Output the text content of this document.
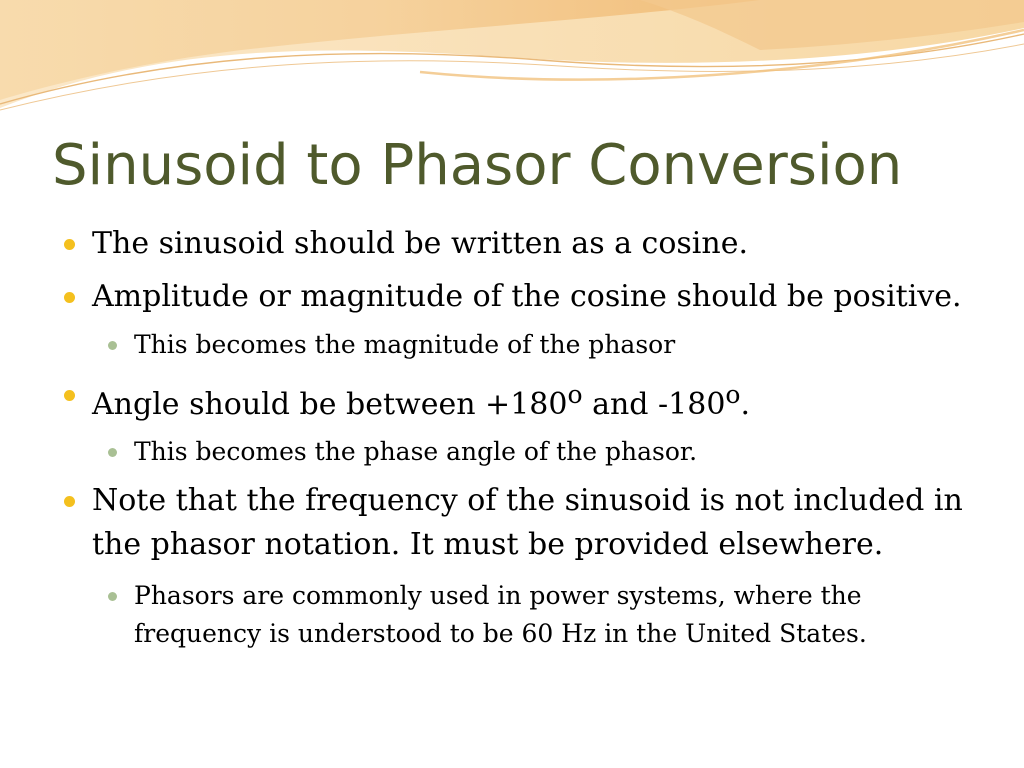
Sinusoid to Phasor Conversion

The sinusoid should be written as a cosine.

Amplitude or magnitude of the cosine should be positive.

This becomes the magnitude of the phasor

Angle should be between $+180^o$ and -180$^o$.

This becomes the phase angle of the phasor.

Note that the frequency of the sinusoid is not included in the phasor notation. It must be provided elsewhere.

Phasors are commonly used in power systems, where the frequency is understood to be 60 Hz in the United States.
